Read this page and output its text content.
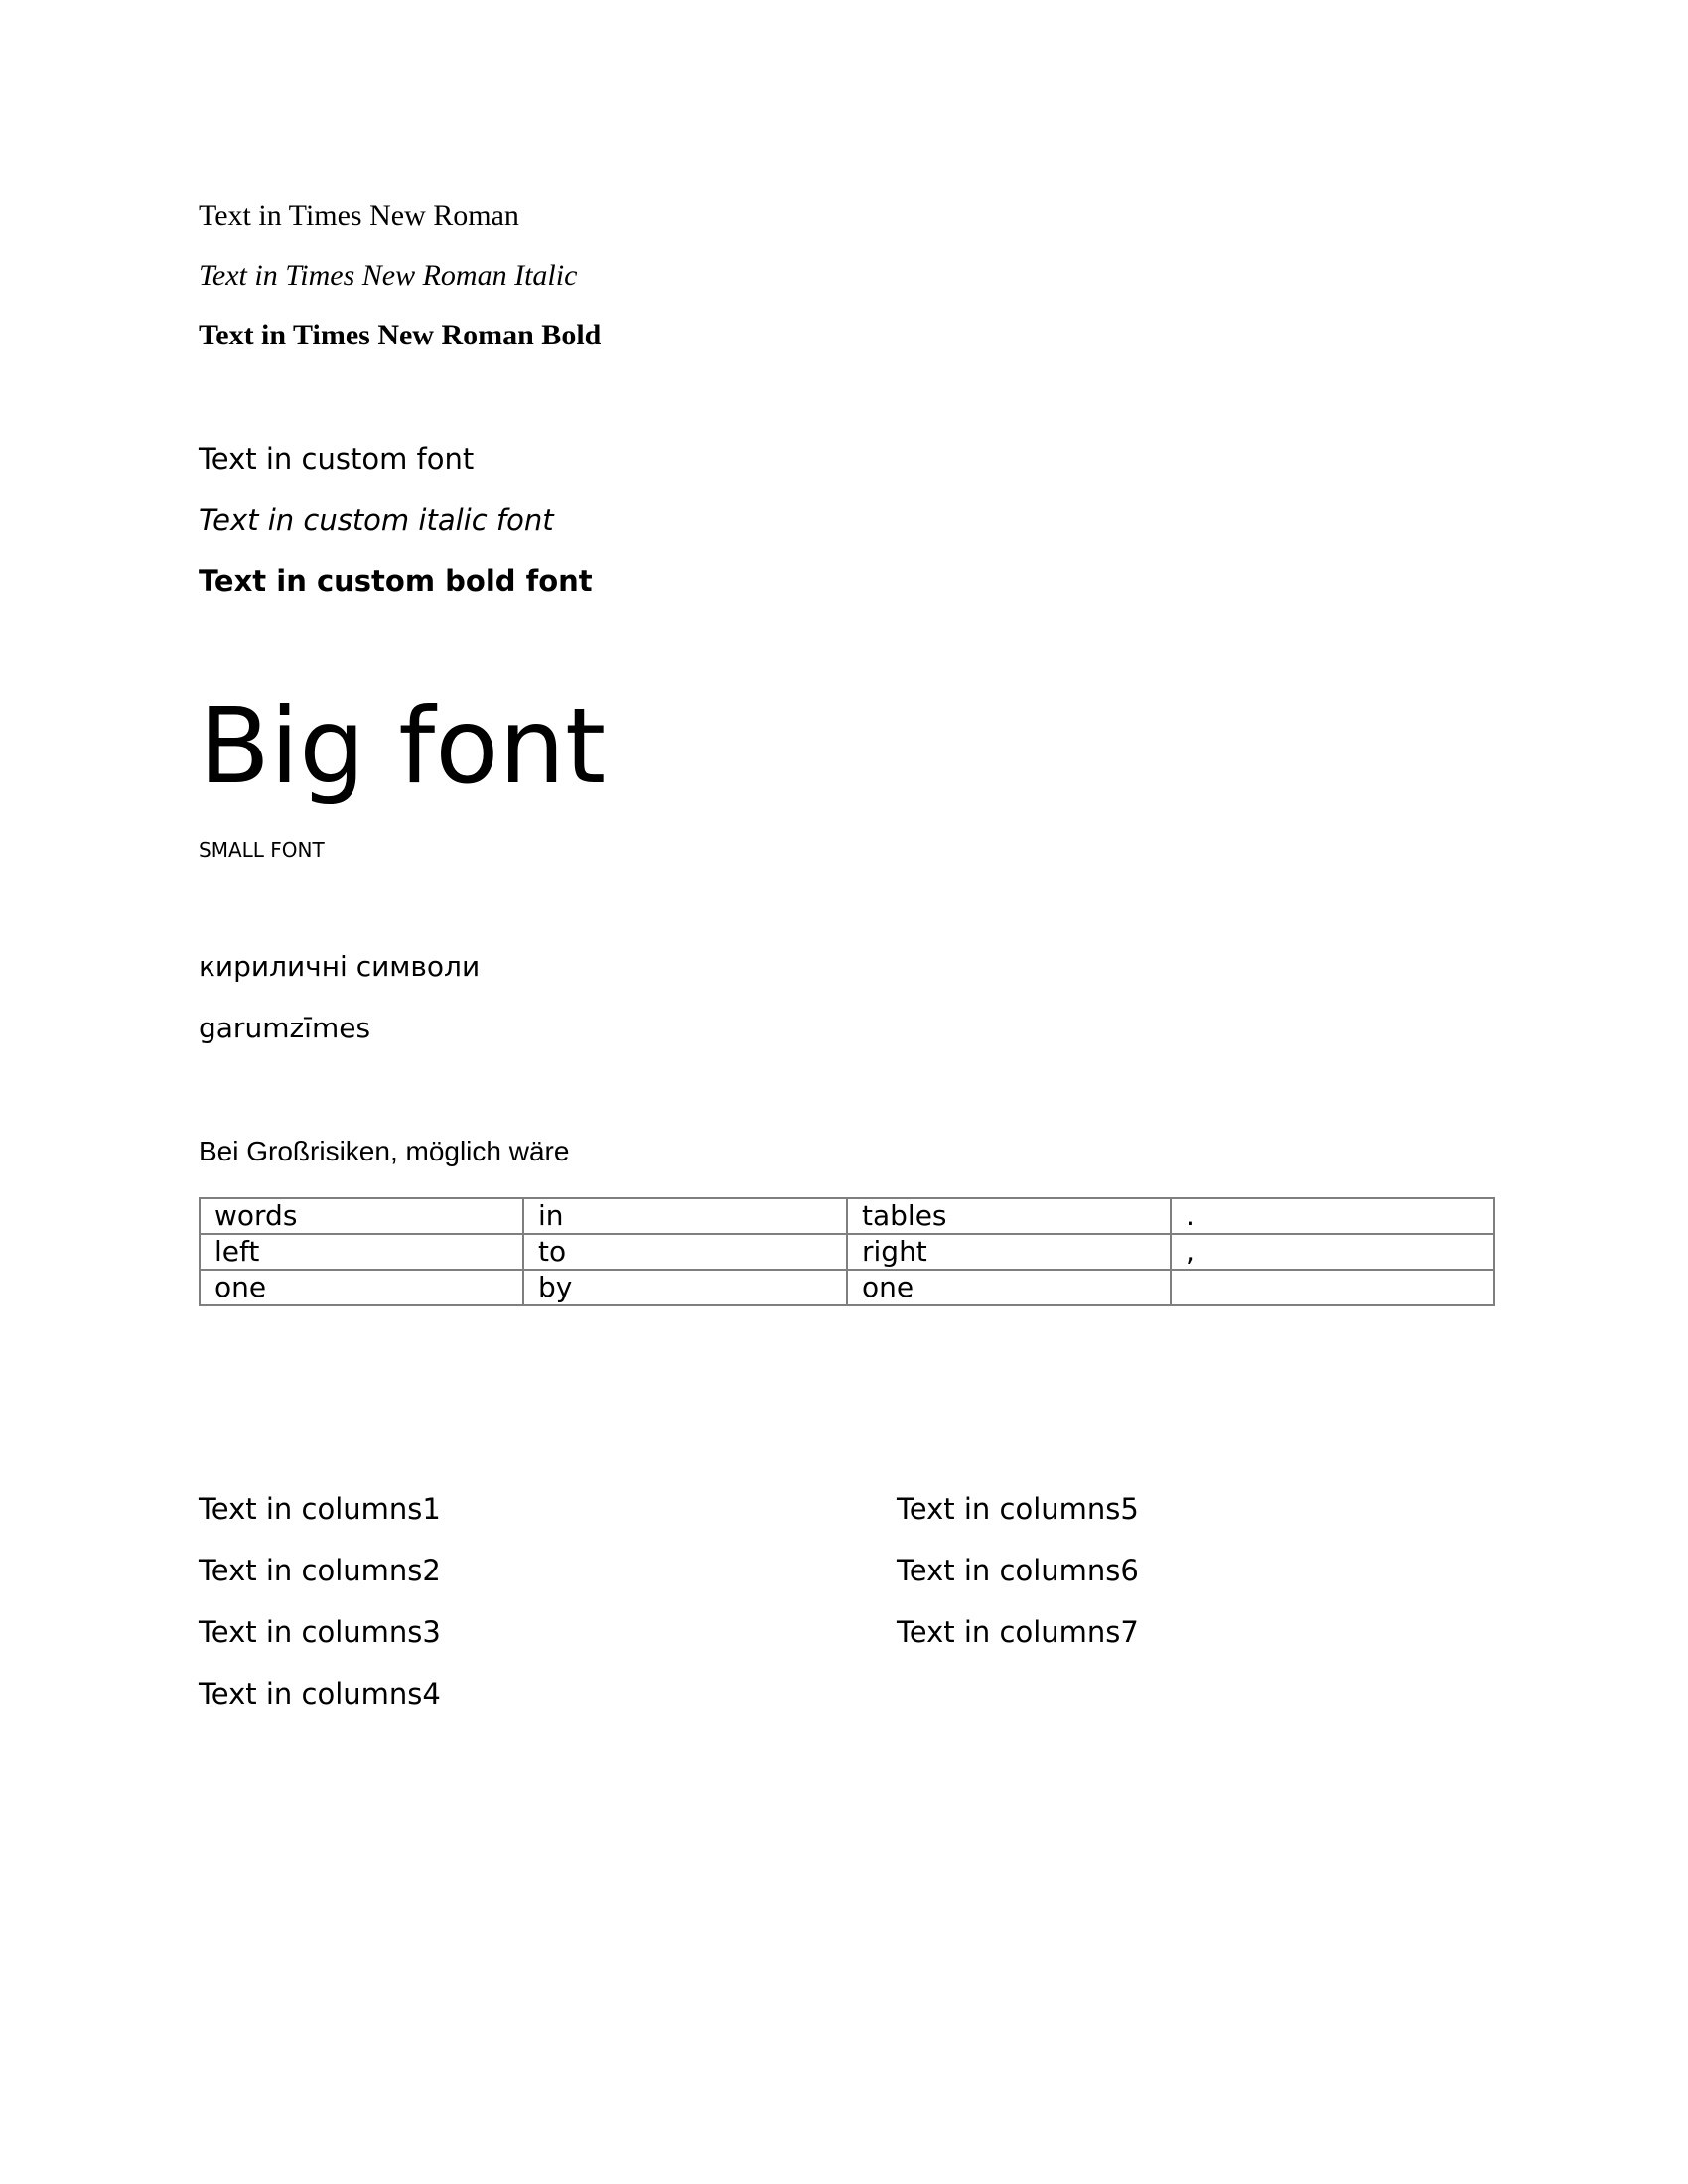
Text in Times New Roman
Text in Times New Roman Italic
Text in Times New Roman Bold
Text in custom font
Text in custom italic font
Text in custom bold font
Big font
SMALL FONT
кириличні символи
garumzīmes
Bei Großrisiken, möglich wäre
words	in	tables	.
left	to	right	,
one	by	one	
Text in columns1
Text in columns2
Text in columns3
Text in columns4
Text in columns5
Text in columns6
Text in columns7
